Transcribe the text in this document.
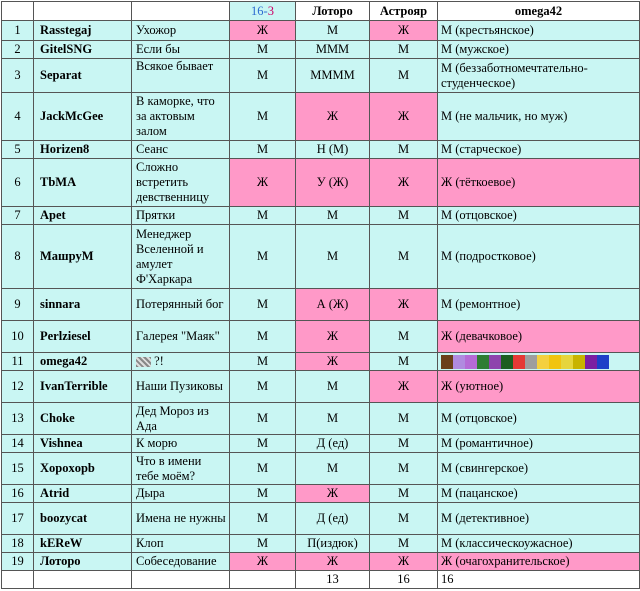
			16-3	Лоторо	Астрояр	omega42
1	Rasstegaj	Ухожор	Ж	М	Ж	М (крестьянское)
2	GitelSNG	Если бы	М	МММ	М	М (мужское)
3	Separat	Всякое бывает	М	ММММ	М	М (беззаботномечтательно-студенческое)
4	JackMcGee	В каморке, что за актовым залом	М	Ж	Ж	М (не мальчик, но муж)
5	Horizen8	Сеанс	М	Н (М)	М	М (старческое)
6	TbMA	Сложно встретить девственницу	Ж	У (Ж)	Ж	Ж (тёткоевое)
7	Apet	Прятки	М	М	М	М (отцовское)
8	MaшpyM	Менеджер Вселенной и амулет Ф'Харкара	М	М	М	М (подростковое)
9	sinnara	Потерянный бог	М	А (Ж)	Ж	М (ремонтное)
10	Perlziesel	Галерея "Маяк"	М	Ж	М	Ж (девачковое)
11	omega42	?!	М	Ж	М	

12	IvanTerrible	Наши Пузиковы	М	М	Ж	Ж (уютное)
13	Choke	Дед Мороз из Ада	М	М	М	М (отцовское)
14	Vishnea	К морю	М	Д (ед)	М	М (романтичное)
15	Xopoxopb	Что в имени тебе моём?	М	М	М	М (свингерское)
16	Atrid	Дыра	М	Ж	М	М (пацанское)
17	boozycat	Имена не нужны	М	Д (ед)	М	М (детективное)
18	kEReW	Клоп	М	П(издюк)	М	М (классическоужасное)
19	Лоторо	Собеседование	Ж	Ж	Ж	Ж (очагохранительское)
				13	16	16
